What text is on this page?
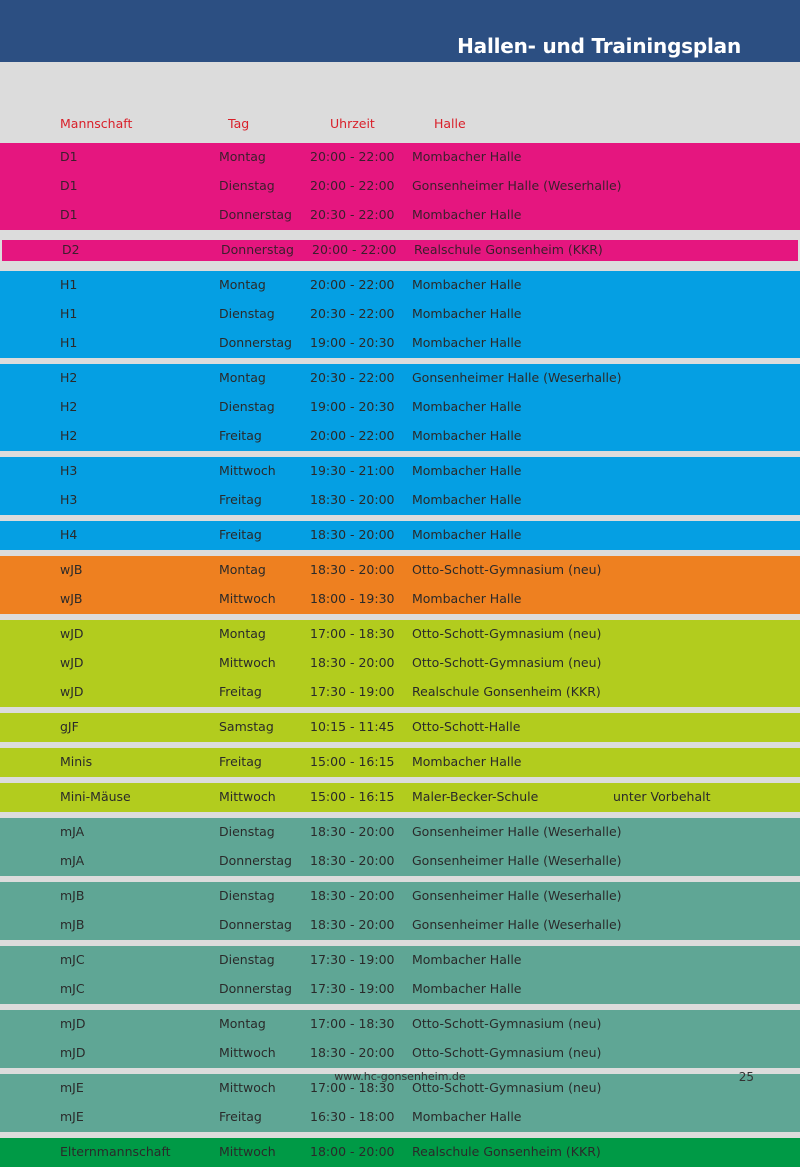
Hallen- und Trainingsplan
Mannschaft	Tag	Uhrzeit	Halle
D1	Montag	20:00 - 22:00 Mombacher Halle
D1	Dienstag	20:00 - 22:00 Gonsenheimer Halle (Weserhalle)
D1	Donnerstag 20:30 - 22:00 Mombacher Halle
D2	Donnerstag 20:00 - 22:00 Realschule Gonsenheim (KKR)
H1	Montag	20:00 - 22:00 Mombacher Halle
H1	Dienstag	20:30 - 22:00 Mombacher Halle
H1	Donnerstag 19:00 - 20:30 Mombacher Halle
H2	Montag	20:30 - 22:00 Gonsenheimer Halle (Weserhalle)
H2	Dienstag	19:00 - 20:30 Mombacher Halle
H2	Freitag	20:00 - 22:00 Mombacher Halle
H3	Mittwoch	19:30 - 21:00 Mombacher Halle
H3	Freitag	18:30 - 20:00 Mombacher Halle
H4	Freitag	18:30 - 20:00 Mombacher Halle
wJB	Montag	18:30 - 20:00 Otto-Schott-Gymnasium (neu)
wJB	Mittwoch	18:00 - 19:30 Mombacher Halle
wJD	Montag	17:00 - 18:30 Otto-Schott-Gymnasium (neu)
wJD	Mittwoch	18:30 - 20:00 Otto-Schott-Gymnasium (neu)
wJD	Freitag	17:30 - 19:00 Realschule Gonsenheim (KKR)
gJF	Samstag	10:15 - 11:45 Otto-Schott-Halle
Minis	Freitag	15:00 - 16:15 Mombacher Halle
Mini-Mäuse	Mittwoch	15:00 - 16:15 Maler-Becker-Schule	unter Vorbehalt
mJA	Dienstag	18:30 - 20:00 Gonsenheimer Halle (Weserhalle)
mJA	Donnerstag 18:30 - 20:00 Gonsenheimer Halle (Weserhalle)
mJB	Dienstag	18:30 - 20:00 Gonsenheimer Halle (Weserhalle)
mJB	Donnerstag 18:30 - 20:00 Gonsenheimer Halle (Weserhalle)
mJC	Dienstag	17:30 - 19:00 Mombacher Halle
mJC	Donnerstag 17:30 - 19:00 Mombacher Halle
mJD	Montag	17:00 - 18:30 Otto-Schott-Gymnasium (neu)
mJD	Mittwoch	18:30 - 20:00 Otto-Schott-Gymnasium (neu)
mJE	Mittwoch	17:00 - 18:30 Otto-Schott-Gymnasium (neu)
mJE	Freitag	16:30 - 18:00 Mombacher Halle
Elternmannschaft	Mittwoch	18:00 - 20:00 Realschule Gonsenheim (KKR)
www.hc-gonsenheim.de	25
